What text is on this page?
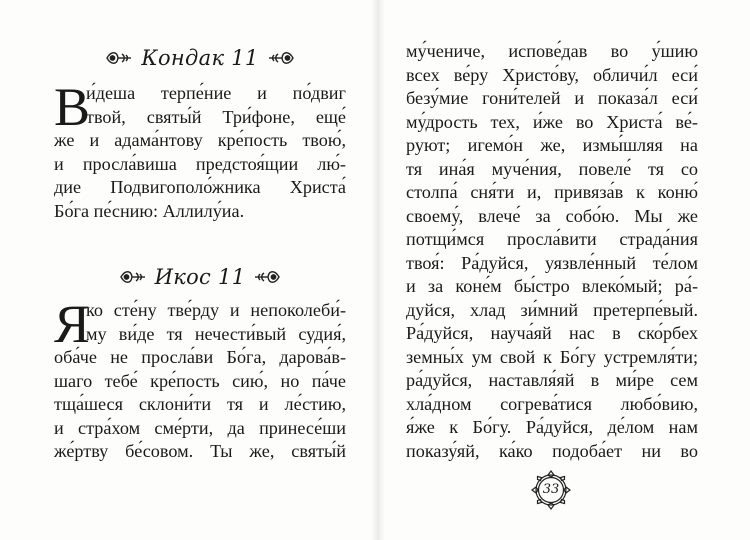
Кондак 11
В
и́деша терпе́ние и по́двиг
твой, святы́й Три́фоне, еще́
же и адама́нтову кре́пость твою́,
и просла́виша предстоя́щии лю́-
дие Подвигополо́жника Христа́
Бо́га пе́снию: Аллилу́иа.
Икос 11
Я
ко сте́ну тве́рду и непоколеби́-
му ви́де тя нечести́вый судия́,
оба́че не просла́ви Бо́га, дарова́в-
шаго тебе́ кре́пость сию́, но па́че
тща́шеся склони́ти тя и ле́стию,
и стра́хом сме́рти, да принесе́ши
же́ртву бе́совом. Ты же, святы́й
му́чениче, испове́дав во у́шию
всех ве́ру Христо́ву, обличи́л еси́
безу́мие гони́телей и показа́л еси́
му́дрость тех, и́же во Христа́ ве́-
руют; игемо́н же, измы́шляя на
тя ина́я муче́ния, повеле́ тя со
столпа́ сня́ти и, привяза́в к коню́
своему́, влече́ за собо́ю. Мы же
потщи́мся просла́вити страда́ния
твоя́: Ра́дуйся, уязвле́нный те́лом
и за коне́м бы́стро влеко́мый; ра́-
дуйся, хлад зи́мний претерпе́вый.
Ра́дуйся, науча́яй нас в ско́рбех
земны́х ум свой к Бо́гу устремля́ти;
ра́дуйся, наставля́яй в ми́ре сем
хла́дном согрева́тися любо́вию,
я́же к Бо́гу. Ра́дуйся, де́лом нам
показу́яй, ка́ко подоба́ет ни во
33
